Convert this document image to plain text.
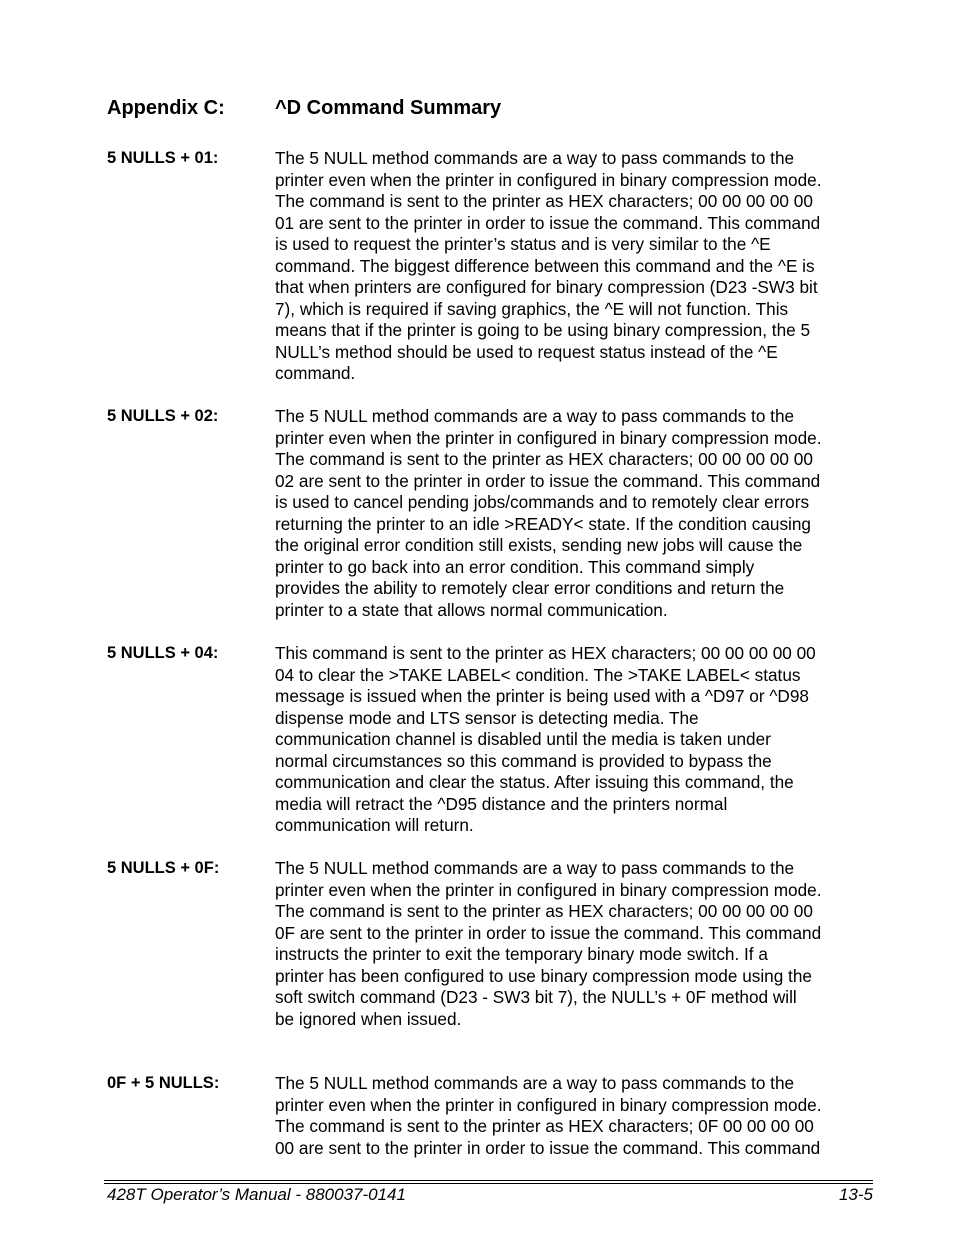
Appendix C:	^D Command Summary
5 NULLS + 01:	The 5 NULL method commands are a way to pass commands to the
printer even when the printer in configured in binary compression mode.
The command is sent to the printer as HEX characters; 00 00 00 00 00
01 are sent to the printer in order to issue the command. This command
is used to request the printer’s status and is very similar to the ^E
command. The biggest difference between this command and the ^E is
that when printers are configured for binary compression (D23 -SW3 bit
7), which is required if saving graphics, the ^E will not function. This
means that if the printer is going to be using binary compression, the 5
NULL’s method should be used to request status instead of the ^E
command.
5 NULLS + 02:	The 5 NULL method commands are a way to pass commands to the
printer even when the printer in configured in binary compression mode.
The command is sent to the printer as HEX characters; 00 00 00 00 00
02 are sent to the printer in order to issue the command. This command
is used to cancel pending jobs/commands and to remotely clear errors
returning the printer to an idle >READY< state. If the condition causing
the original error condition still exists, sending new jobs will cause the
printer to go back into an error condition. This command simply
provides the ability to remotely clear error conditions and return the
printer to a state that allows normal communication.
5 NULLS + 04:	This command is sent to the printer as HEX characters; 00 00 00 00 00
04 to clear the >TAKE LABEL< condition. The >TAKE LABEL< status
message is issued when the printer is being used with a ^D97 or ^D98
dispense mode and LTS sensor is detecting media. The
communication channel is disabled until the media is taken under
normal circumstances so this command is provided to bypass the
communication and clear the status. After issuing this command, the
media will retract the ^D95 distance and the printers normal
communication will return.
5 NULLS + 0F:	The 5 NULL method commands are a way to pass commands to the
printer even when the printer in configured in binary compression mode.
The command is sent to the printer as HEX characters; 00 00 00 00 00
0F are sent to the printer in order to issue the command. This command
instructs the printer to exit the temporary binary mode switch. If a
printer has been configured to use binary compression mode using the
soft switch command (D23 - SW3 bit 7), the NULL’s + 0F method will
be ignored when issued.
0F + 5 NULLS:	The 5 NULL method commands are a way to pass commands to the
printer even when the printer in configured in binary compression mode.
The command is sent to the printer as HEX characters; 0F 00 00 00 00
00 are sent to the printer in order to issue the command. This command
428T Operator’s Manual - 880037-0141	13-5
